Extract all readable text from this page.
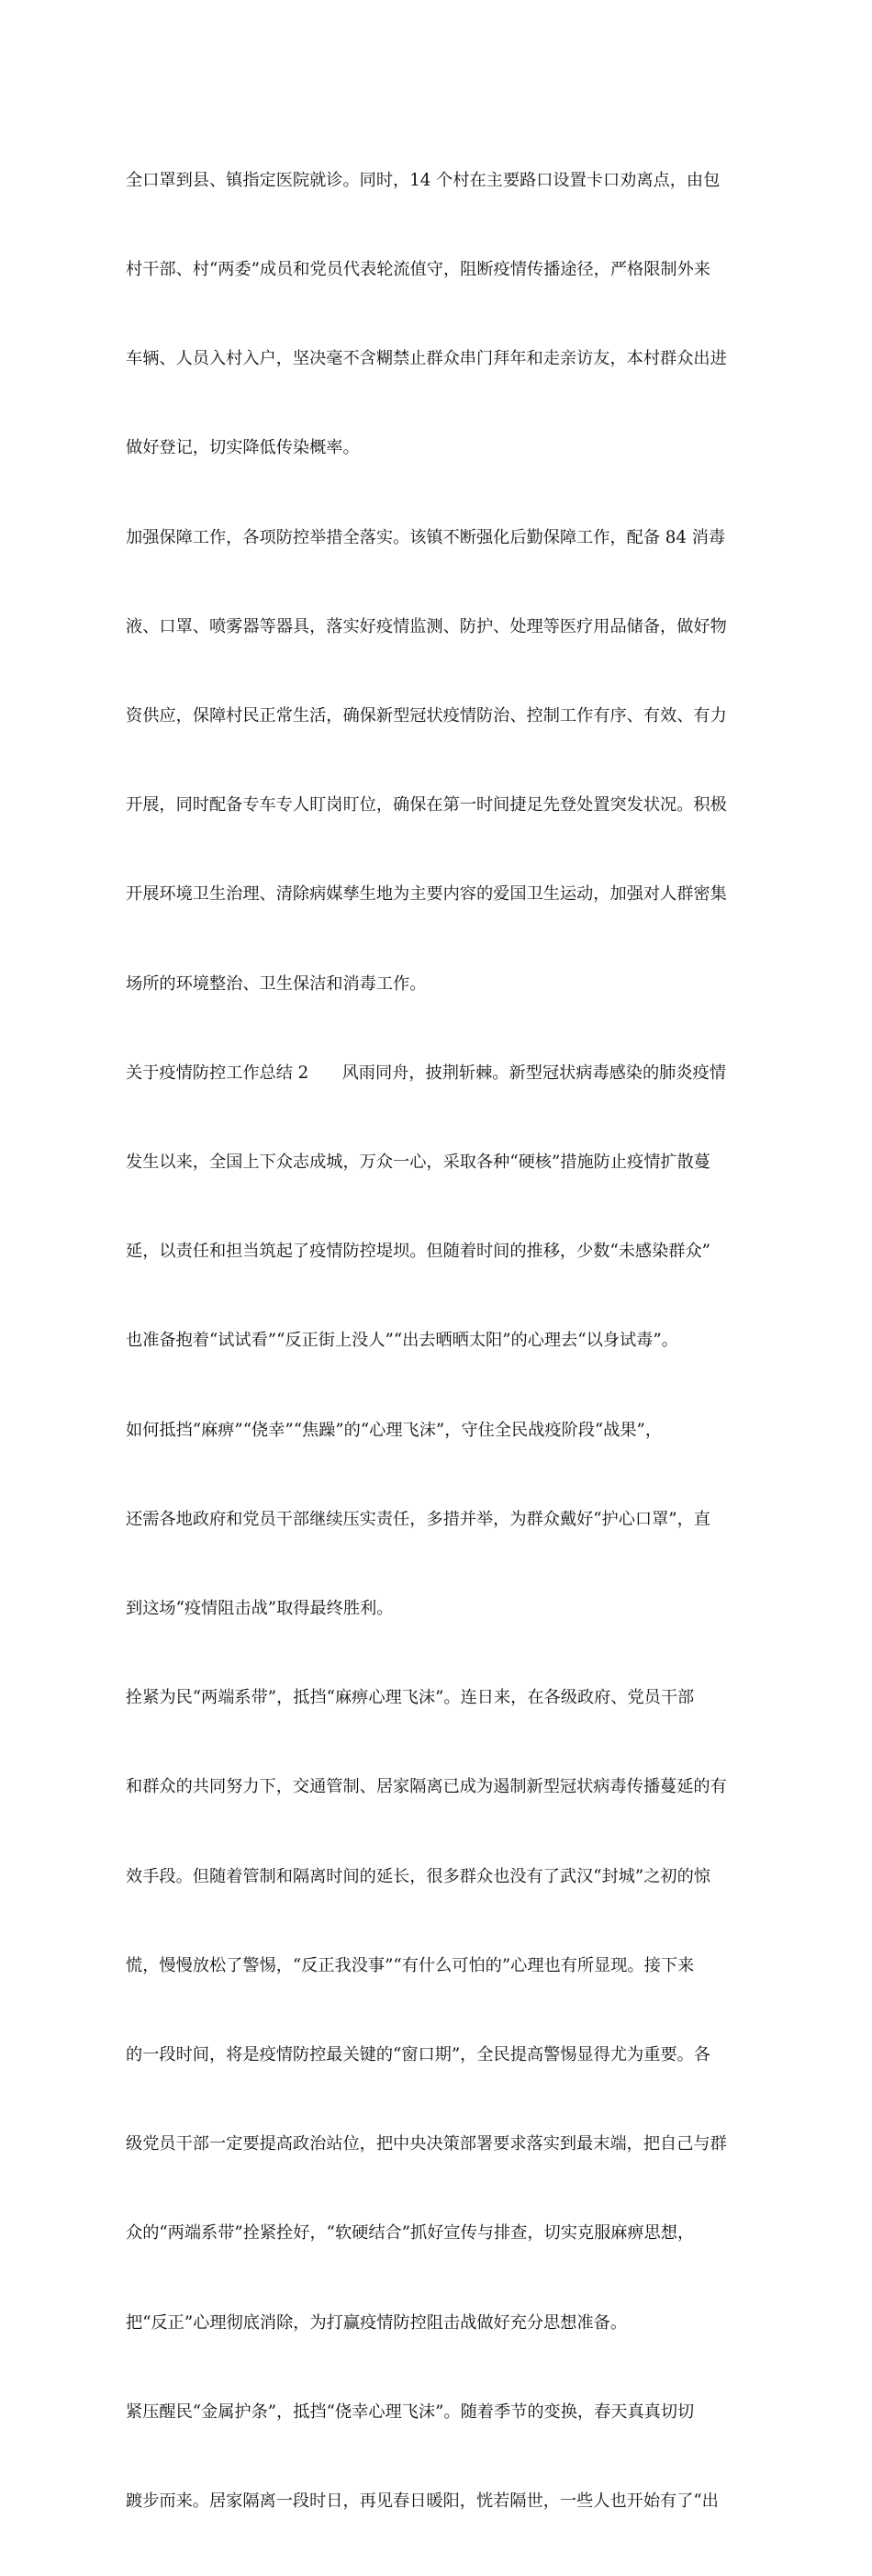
全口罩到县、镇指定医院就诊。同时，14 个村在主要路口设置卡口劝离点，由包

村干部、村“两委”成员和党员代表轮流值守，阻断疫情传播途径，严格限制外来

车辆、人员入村入户，坚决毫不含糊禁止群众串门拜年和走亲访友，本村群众出进

做好登记，切实降低传染概率。

加强保障工作，各项防控举措全落实。该镇不断强化后勤保障工作，配备 84 消毒

液、口罩、喷雾器等器具，落实好疫情监测、防护、处理等医疗用品储备，做好物

资供应，保障村民正常生活，确保新型冠状疫情防治、控制工作有序、有效、有力

开展，同时配备专车专人盯岗盯位，确保在第一时间捷足先登处置突发状况。积极

开展环境卫生治理、清除病媒孳生地为主要内容的爱国卫生运动，加强对人群密集

场所的环境整治、卫生保洁和消毒工作。

关于疫情防控工作总结 2　　风雨同舟，披荆斩棘。新型冠状病毒感染的肺炎疫情

发生以来，全国上下众志成城，万众一心，采取各种“硬核”措施防止疫情扩散蔓

延，以责任和担当筑起了疫情防控堤坝。但随着时间的推移，少数“未感染群众”

也准备抱着“试试看”“反正街上没人”“出去晒晒太阳”的心理去“以身试毒”。

如何抵挡“麻痹”“侥幸”“焦躁”的“心理飞沫”，守住全民战疫阶段“战果”，

还需各地政府和党员干部继续压实责任，多措并举，为群众戴好“护心口罩”，直

到这场“疫情阻击战”取得最终胜利。

拴紧为民“两端系带”，抵挡“麻痹心理飞沫”。连日来，在各级政府、党员干部

和群众的共同努力下，交通管制、居家隔离已成为遏制新型冠状病毒传播蔓延的有

效手段。但随着管制和隔离时间的延长，很多群众也没有了武汉“封城”之初的惊

慌，慢慢放松了警惕，“反正我没事”“有什么可怕的”心理也有所显现。接下来

的一段时间，将是疫情防控最关键的“窗口期”，全民提高警惕显得尤为重要。各

级党员干部一定要提高政治站位，把中央决策部署要求落实到最末端，把自己与群

众的“两端系带”拴紧拴好，“软硬结合”抓好宣传与排查，切实克服麻痹思想，

把“反正”心理彻底消除，为打赢疫情防控阻击战做好充分思想准备。

紧压醒民“金属护条”，抵挡“侥幸心理飞沫”。随着季节的变换，春天真真切切

踱步而来。居家隔离一段时日，再见春日暖阳，恍若隔世，一些人也开始有了“出
